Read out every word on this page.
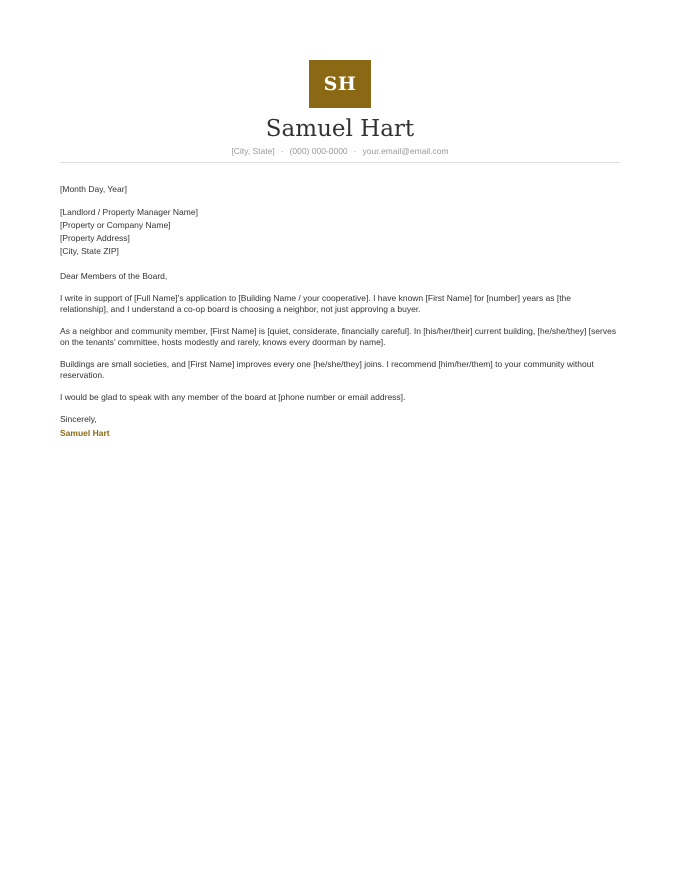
SH
Samuel Hart
[City, State] · (000) 000-0000 · your.email@email.com

[Month Day, Year]

[Landlord / Property Manager Name]
[Property or Company Name]
[Property Address]
[City, State ZIP]

Dear Members of the Board,

I write in support of [Full Name]’s application to [Building Name / your cooperative]. I have known [First Name] for [number] years as [the relationship], and I understand a co-op board is choosing a neighbor, not just approving a buyer.

As a neighbor and community member, [First Name] is [quiet, considerate, financially careful]. In [his/her/their] current building, [he/she/they] [serves on the tenants’ committee, hosts modestly and rarely, knows every doorman by name].

Buildings are small societies, and [First Name] improves every one [he/she/they] joins. I recommend [him/her/them] to your community without reservation.

I would be glad to speak with any member of the board at [phone number or email address].

Sincerely,
Samuel Hart
